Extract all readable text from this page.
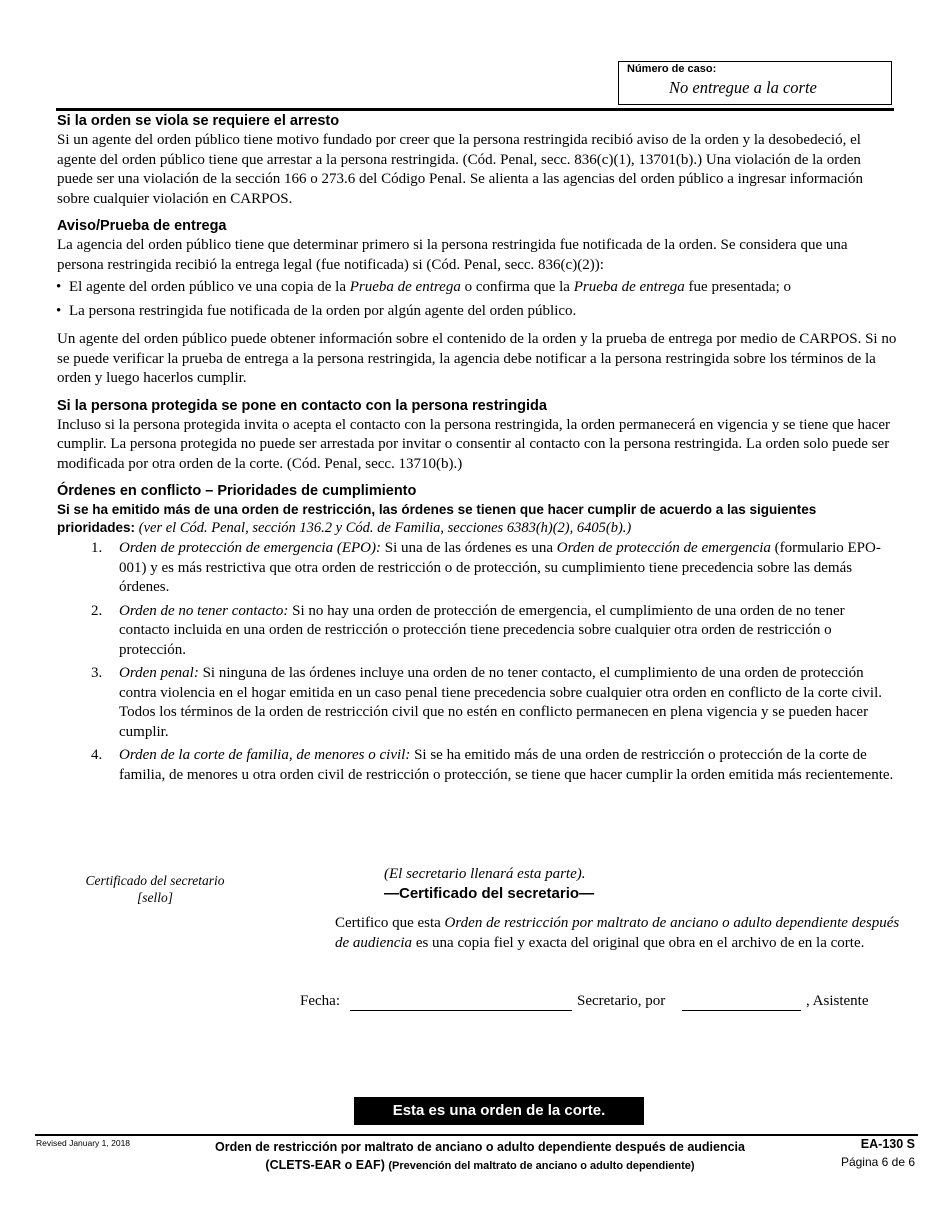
Número de caso:
No entregue a la corte
Si la orden se viola se requiere el arresto

Si un agente del orden público tiene motivo fundado por creer que la persona restringida recibió aviso de la orden y la desobedeció, el agente del orden público tiene que arrestar a la persona restringida. (Cód. Penal, secc. 836(c)(1), 13701(b).) Una violación de la orden puede ser una violación de la sección 166 o 273.6 del Código Penal. Se alienta a las agencias del orden público a ingresar información sobre cualquier violación en CARPOS.

Aviso/Prueba de entrega

La agencia del orden público tiene que determinar primero si la persona restringida fue notificada de la orden. Se considera que una persona restringida recibió la entrega legal (fue notificada) si (Cód. Penal, secc. 836(c)(2)):

• El agente del orden público ve una copia de la Prueba de entrega o confirma que la Prueba de entrega fue presentada; o
• La persona restringida fue notificada de la orden por algún agente del orden público.

Un agente del orden público puede obtener información sobre el contenido de la orden y la prueba de entrega por medio de CARPOS. Si no se puede verificar la prueba de entrega a la persona restringida, la agencia debe notificar a la persona restringida sobre los términos de la orden y luego hacerlos cumplir.

Si la persona protegida se pone en contacto con la persona restringida

Incluso si la persona protegida invita o acepta el contacto con la persona restringida, la orden permanecerá en vigencia y se tiene que hacer cumplir. La persona protegida no puede ser arrestada por invitar o consentir al contacto con la persona restringida. La orden solo puede ser modificada por otra orden de la corte. (Cód. Penal, secc. 13710(b).)

Órdenes en conflicto – Prioridades de cumplimiento
Si se ha emitido más de una orden de restricción, las órdenes se tienen que hacer cumplir de acuerdo a las siguientes prioridades: (ver el Cód. Penal, sección 136.2 y Cód. de Familia, secciones 6383(h)(2), 6405(b).)
1. Orden de protección de emergencia (EPO): Si una de las órdenes es una Orden de protección de emergencia (formulario EPO-001) y es más restrictiva que otra orden de restricción o de protección, su cumplimiento tiene precedencia sobre las demás órdenes.
2. Orden de no tener contacto: Si no hay una orden de protección de emergencia, el cumplimiento de una orden de no tener contacto incluida en una orden de restricción o protección tiene precedencia sobre cualquier otra orden de restricción o protección.
3. Orden penal: Si ninguna de las órdenes incluye una orden de no tener contacto, el cumplimiento de una orden de protección contra violencia en el hogar emitida en un caso penal tiene precedencia sobre cualquier otra orden en conflicto de la corte civil. Todos los términos de la orden de restricción civil que no estén en conflicto permanecen en plena vigencia y se pueden hacer cumplir.
4. Orden de la corte de familia, de menores o civil: Si se ha emitido más de una orden de restricción o protección de la corte de familia, de menores u otra orden civil de restricción o protección, se tiene que hacer cumplir la orden emitida más recientemente.
Certificado del secretario
[sello]
(El secretario llenará esta parte).
—Certificado del secretario—
Certifico que esta Orden de restricción por maltrato de anciano o adulto dependiente después de audiencia es una copia fiel y exacta del original que obra en el archivo de en la corte.
Fecha:	Secretario, por	, Asistente
Esta es una orden de la corte.
Revised January 1, 2018	Orden de restricción por maltrato de anciano o adulto dependiente después de audiencia
(CLETS-EAR o EAF) (Prevención del maltrato de anciano o adulto dependiente)
EA-130 S
Página 6 de 6
